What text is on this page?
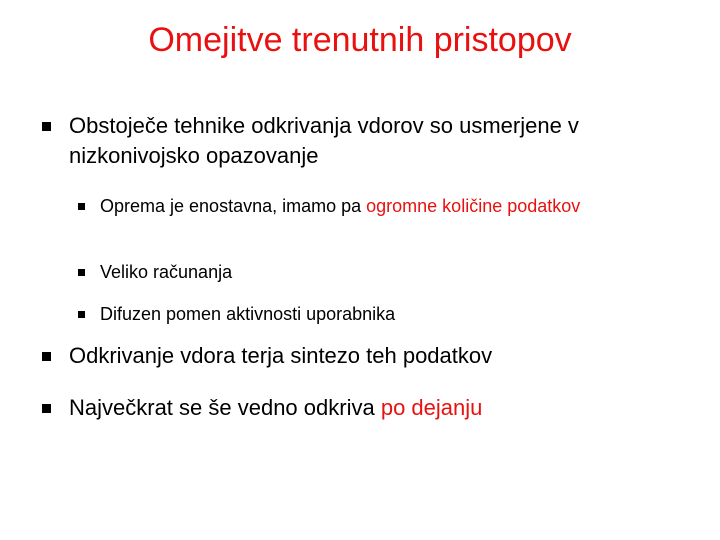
Omejitve trenutnih pristopov

Obstoječe tehnike odkrivanja vdorov so usmerjene v nizkonivojsko opazovanje

Oprema je enostavna, imamo pa ogromne količine podatkov

Veliko računanja

Difuzen pomen aktivnosti uporabnika

Odkrivanje vdora terja sintezo teh podatkov

Največkrat se še vedno odkriva po dejanju
